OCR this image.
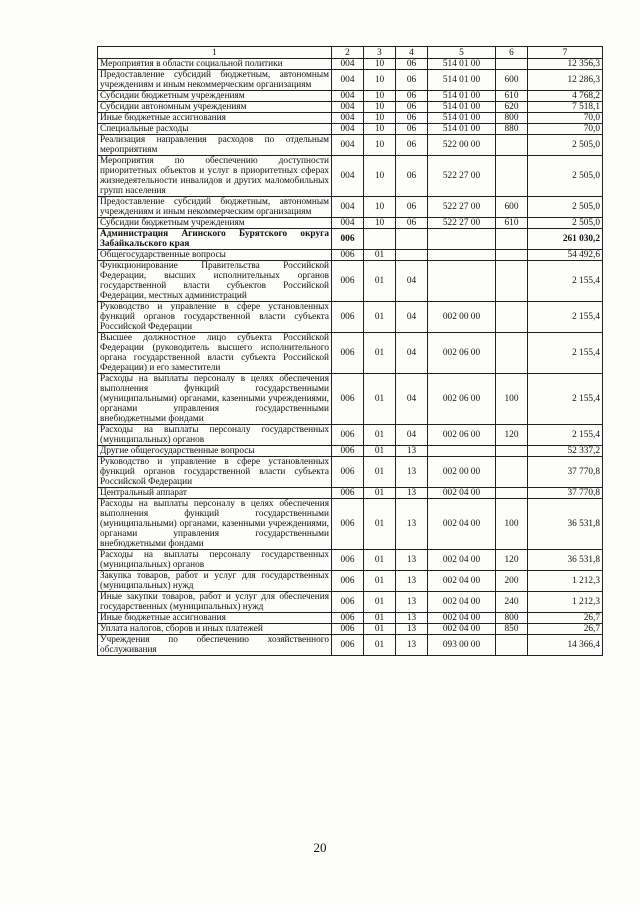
1	2	3	4	5	6	7
Мероприятия в области социальной политики	004	10	06	514 01 00		12 356,3
Предоставление субсидий бюджетным, автономным учреждениям и иным некоммерческим организациям	004	10	06	514 01 00	600	12 286,3
Субсидии бюджетным учреждениям	004	10	06	514 01 00	610	4 768,2
Субсидии автономным учреждениям	004	10	06	514 01 00	620	7 518,1
Иные бюджетные ассигнования	004	10	06	514 01 00	800	70,0
Специальные расходы	004	10	06	514 01 00	880	70,0
Реализация направления расходов по отдельным мероприятиям	004	10	06	522 00 00		2 505,0
Мероприятия по обеспечению доступности приоритетных объектов и услуг в приоритетных сферах жизнедеятельности инвалидов и других маломобильных групп населения	004	10	06	522 27 00		2 505,0
Предоставление субсидий бюджетным, автономным учреждениям и иным некоммерческим организациям	004	10	06	522 27 00	600	2 505,0
Субсидии бюджетным учреждениям	004	10	06	522 27 00	610	2 505,0
Администрация Агинского Бурятского округа Забайкальского края	006					261 030,2
Общегосударственные вопросы	006	01				54 492,6
Функционирование Правительства Российской Федерации, высших исполнительных органов государственной власти субъектов Российской Федерации, местных администраций	006	01	04			2 155,4
Руководство и управление в сфере установленных функций органов государственной власти субъекта Российской Федерации	006	01	04	002 00 00		2 155,4
Высшее должностное лицо субъекта Российской Федерации (руководитель высшего исполнительного органа государственной власти субъекта Российской Федерации) и его заместители	006	01	04	002 06 00		2 155,4
Расходы на выплаты персоналу в целях обеспечения выполнения функций государственными (муниципальными) органами, казенными учреждениями, органами управления государственными внебюджетными фондами	006	01	04	002 06 00	100	2 155,4
Расходы на выплаты персоналу государственных (муниципальных) органов	006	01	04	002 06 00	120	2 155,4
Другие общегосударственные вопросы	006	01	13			52 337,2
Руководство и управление в сфере установленных функций органов государственной власти субъекта Российской Федерации	006	01	13	002 00 00		37 770,8
Центральный аппарат	006	01	13	002 04 00		37 770,8
Расходы на выплаты персоналу в целях обеспечения выполнения функций государственными (муниципальными) органами, казенными учреждениями, органами управления государственными внебюджетными фондами	006	01	13	002 04 00	100	36 531,8
Расходы на выплаты персоналу государственных (муниципальных) органов	006	01	13	002 04 00	120	36 531,8
Закупка товаров, работ и услуг для государственных (муниципальных) нужд	006	01	13	002 04 00	200	1 212,3
Иные закупки товаров, работ и услуг для обеспечения государственных (муниципальных) нужд	006	01	13	002 04 00	240	1 212,3
Иные бюджетные ассигнования	006	01	13	002 04 00	800	26,7
Уплата налогов, сборов и иных платежей	006	01	13	002 04 00	850	26,7
Учреждения по обеспечению хозяйственного обслуживания	006	01	13	093 00 00		14 366,4
20
